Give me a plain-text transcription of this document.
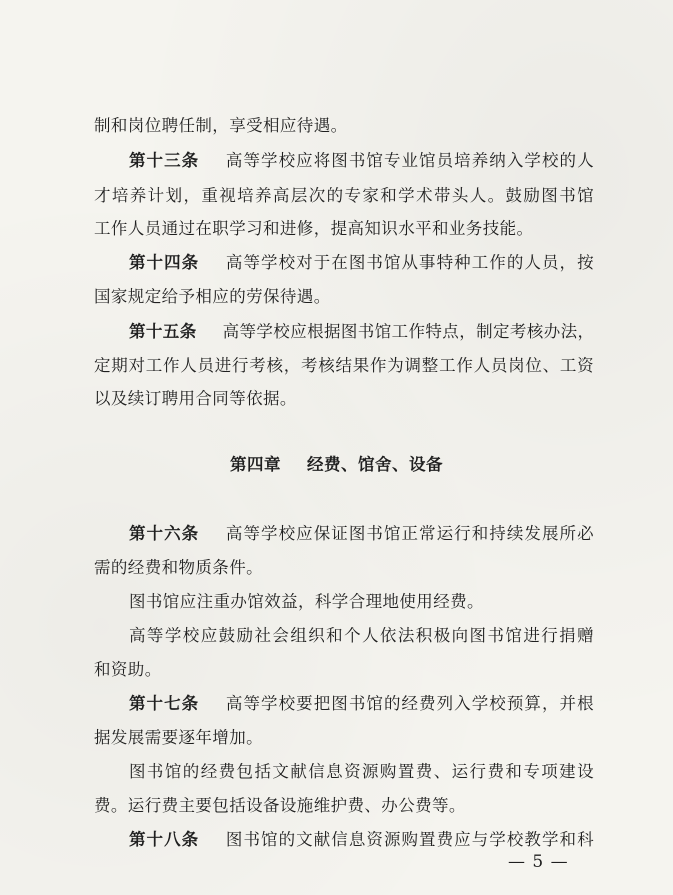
制和岗位聘任制，享受相应待遇。
第十三条 高等学校应将图书馆专业馆员培养纳入学校的人
才培养计划，重视培养高层次的专家和学术带头人。鼓励图书馆
工作人员通过在职学习和进修，提高知识水平和业务技能。
第十四条 高等学校对于在图书馆从事特种工作的人员，按
国家规定给予相应的劳保待遇。
第十五条 高等学校应根据图书馆工作特点，制定考核办法，
定期对工作人员进行考核，考核结果作为调整工作人员岗位、工资
以及续订聘用合同等依据。
第四章 经费、馆舍、设备
第十六条 高等学校应保证图书馆正常运行和持续发展所必
需的经费和物质条件。
图书馆应注重办馆效益，科学合理地使用经费。
高等学校应鼓励社会组织和个人依法积极向图书馆进行捐赠
和资助。
第十七条 高等学校要把图书馆的经费列入学校预算，并根
据发展需要逐年增加。
图书馆的经费包括文献信息资源购置费、运行费和专项建设
费。运行费主要包括设备设施维护费、办公费等。
第十八条 图书馆的文献信息资源购置费应与学校教学和科
— 5 —
